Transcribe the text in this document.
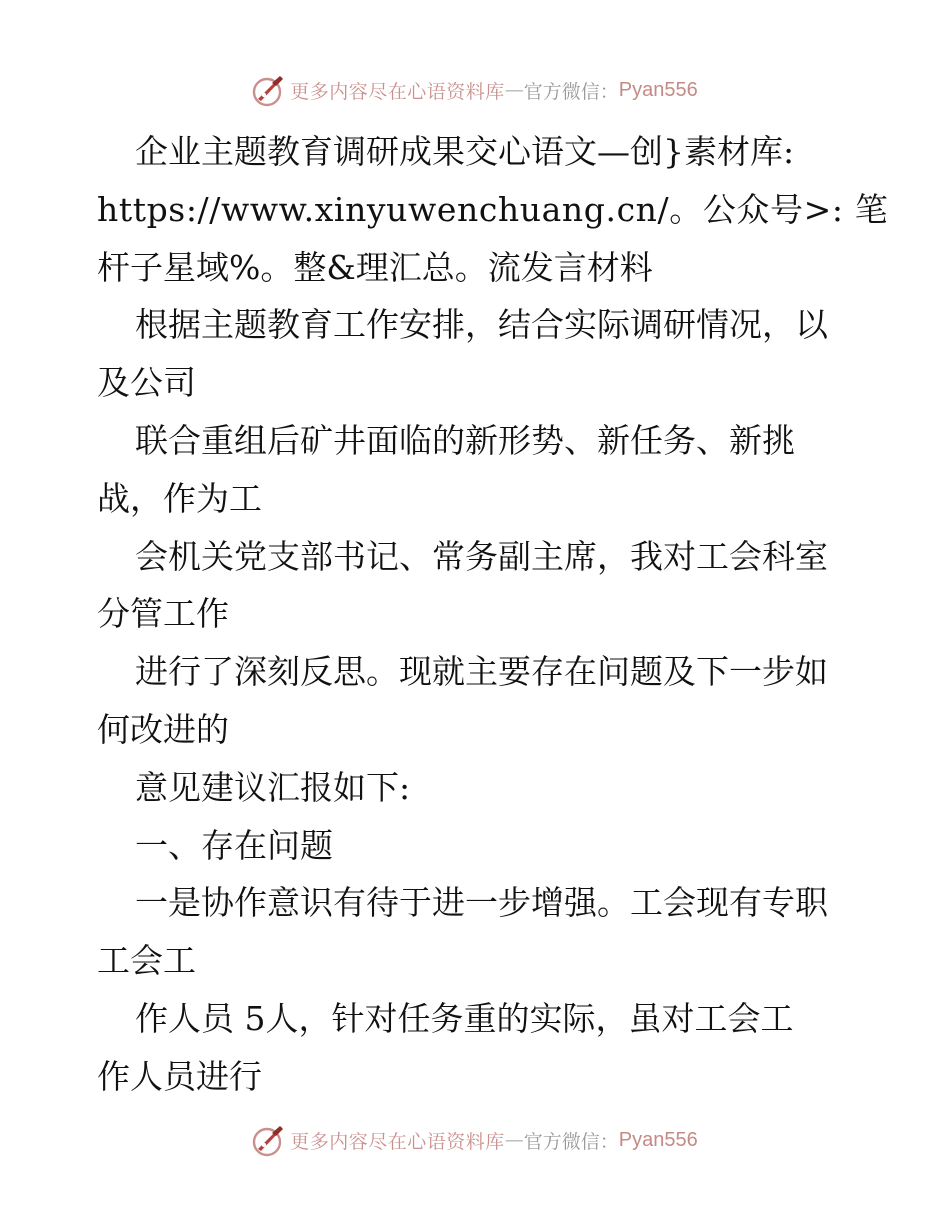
更多内容尽在心语资料库 — 官方微信： Pyan556
企业主题教育调研成果交心语文—创}素材库:
https://www.xinyuwenchuang.cn/。公众号>: 笔
杆子星域%。整&理汇总。流发言材料
根据主题教育工作安排，结合实际调研情况，以
及公司
联合重组后矿井面临的新形势、新任务、新挑
战，作为工
会机关党支部书记、常务副主席，我对工会科室
分管工作
进行了深刻反思。现就主要存在问题及下一步如
何改进的
意见建议汇报如下:
一、存在问题
一是协作意识有待于进一步增强。工会现有专职
工会工
作人员 5人，针对任务重的实际，虽对工会工
作人员进行
更多内容尽在心语资料库 — 官方微信： Pyan556
